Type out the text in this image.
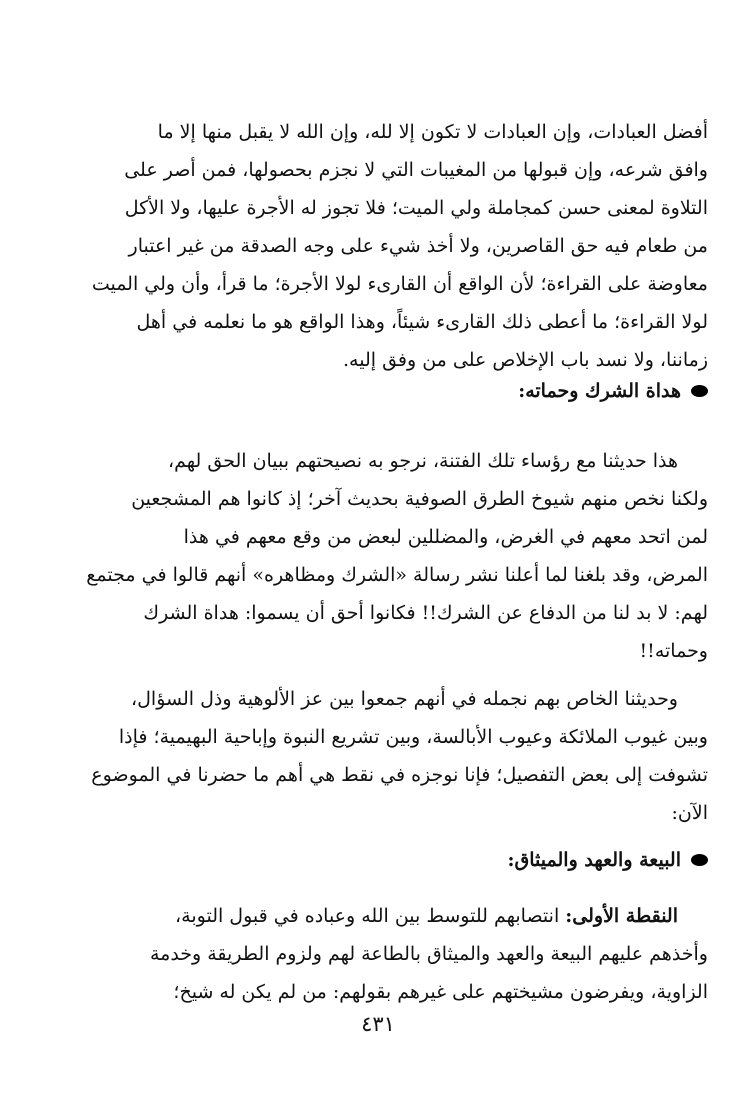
أفضل العبادات، وإن العبادات لا تكون إلا لله، وإن الله لا يقبل منها إلا ما
وافق شرعه، وإن قبولها من المغيبات التي لا نجزم بحصولها، فمن أصر على
التلاوة لمعنى حسن كمجاملة ولي الميت؛ فلا تجوز له الأجرة عليها، ولا الأكل
من طعام فيه حق القاصرين، ولا أخذ شيء على وجه الصدقة من غير اعتبار
معاوضة على القراءة؛ لأن الواقع أن القارىء لولا الأجرة؛ ما قرأ، وأن ولي الميت
لولا القراءة؛ ما أعطى ذلك القارىء شيئاً، وهذا الواقع هو ما نعلمه في أهل
زماننا، ولا نسد باب الإخلاص على من وفق إليه.
هداة الشرك وحماته:
هذا حديثنا مع رؤساء تلك الفتنة، نرجو به نصيحتهم ببيان الحق لهم،
ولكنا نخص منهم شيوخ الطرق الصوفية بحديث آخر؛ إذ كانوا هم المشجعين
لمن اتحد معهم في الغرض، والمضللين لبعض من وقع معهم في هذا
المرض، وقد بلغنا لما أعلنا نشر رسالة «الشرك ومظاهره» أنهم قالوا في مجتمع
لهم: لا بد لنا من الدفاع عن الشرك!! فكانوا أحق أن يسموا: هداة الشرك
وحماته!!
وحديثنا الخاص بهم نجمله في أنهم جمعوا بين عز الألوهية وذل السؤال،
وبين غيوب الملائكة وعيوب الأبالسة، وبين تشريع النبوة وإباحية البهيمية؛ فإذا
تشوفت إلى بعض التفصيل؛ فإنا نوجزه في نقط هي أهم ما حضرنا في الموضوع
الآن:
البيعة والعهد والميثاق:
النقطة الأولى: انتصابهم للتوسط بين الله وعباده في قبول التوبة،
وأخذهم عليهم البيعة والعهد والميثاق بالطاعة لهم ولزوم الطريقة وخدمة
الزاوية، ويفرضون مشيختهم على غيرهم بقولهم: من لم يكن له شيخ؛
٤٣١
